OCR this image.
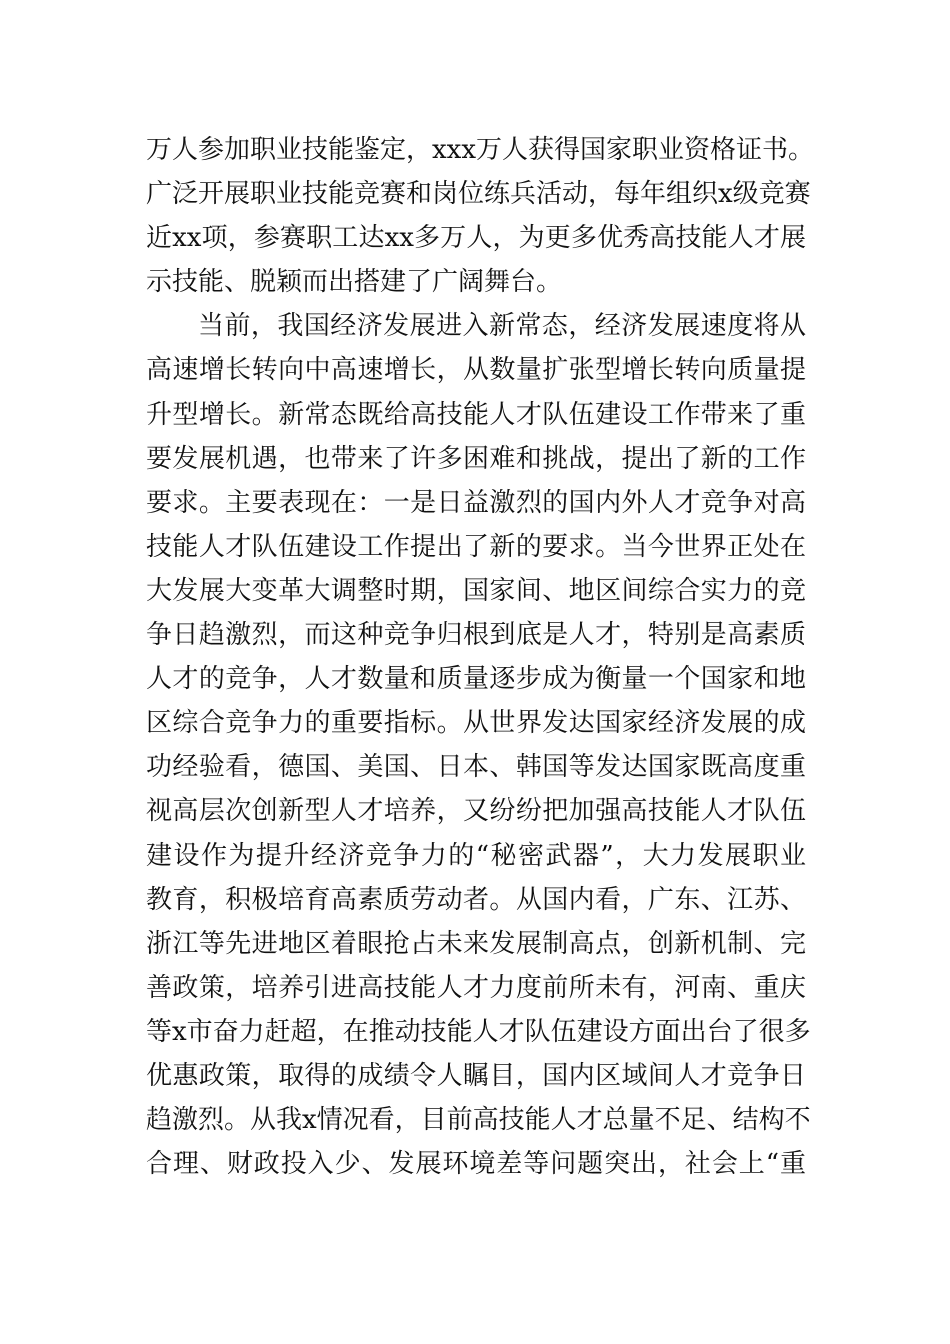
万人参加职业技能鉴定，xxx万人获得国家职业资格证书。
广泛开展职业技能竞赛和岗位练兵活动，每年组织x级竞赛
近xx项，参赛职工达xx多万人，为更多优秀高技能人才展
示技能、脱颖而出搭建了广阔舞台。
当前，我国经济发展进入新常态，经济发展速度将从
高速增长转向中高速增长，从数量扩张型增长转向质量提
升型增长。新常态既给高技能人才队伍建设工作带来了重
要发展机遇，也带来了许多困难和挑战，提出了新的工作
要求。主要表现在：一是日益激烈的国内外人才竞争对高
技能人才队伍建设工作提出了新的要求。当今世界正处在
大发展大变革大调整时期，国家间、地区间综合实力的竞
争日趋激烈，而这种竞争归根到底是人才，特别是高素质
人才的竞争，人才数量和质量逐步成为衡量一个国家和地
区综合竞争力的重要指标。从世界发达国家经济发展的成
功经验看，德国、美国、日本、韩国等发达国家既高度重
视高层次创新型人才培养，又纷纷把加强高技能人才队伍
建设作为提升经济竞争力的“秘密武器”，大力发展职业
教育，积极培育高素质劳动者。从国内看，广东、江苏、
浙江等先进地区着眼抢占未来发展制高点，创新机制、完
善政策，培养引进高技能人才力度前所未有，河南、重庆
等x市奋力赶超，在推动技能人才队伍建设方面出台了很多
优惠政策，取得的成绩令人瞩目，国内区域间人才竞争日
趋激烈。从我x情况看，目前高技能人才总量不足、结构不
合理、财政投入少、发展环境差等问题突出，社会上“重
